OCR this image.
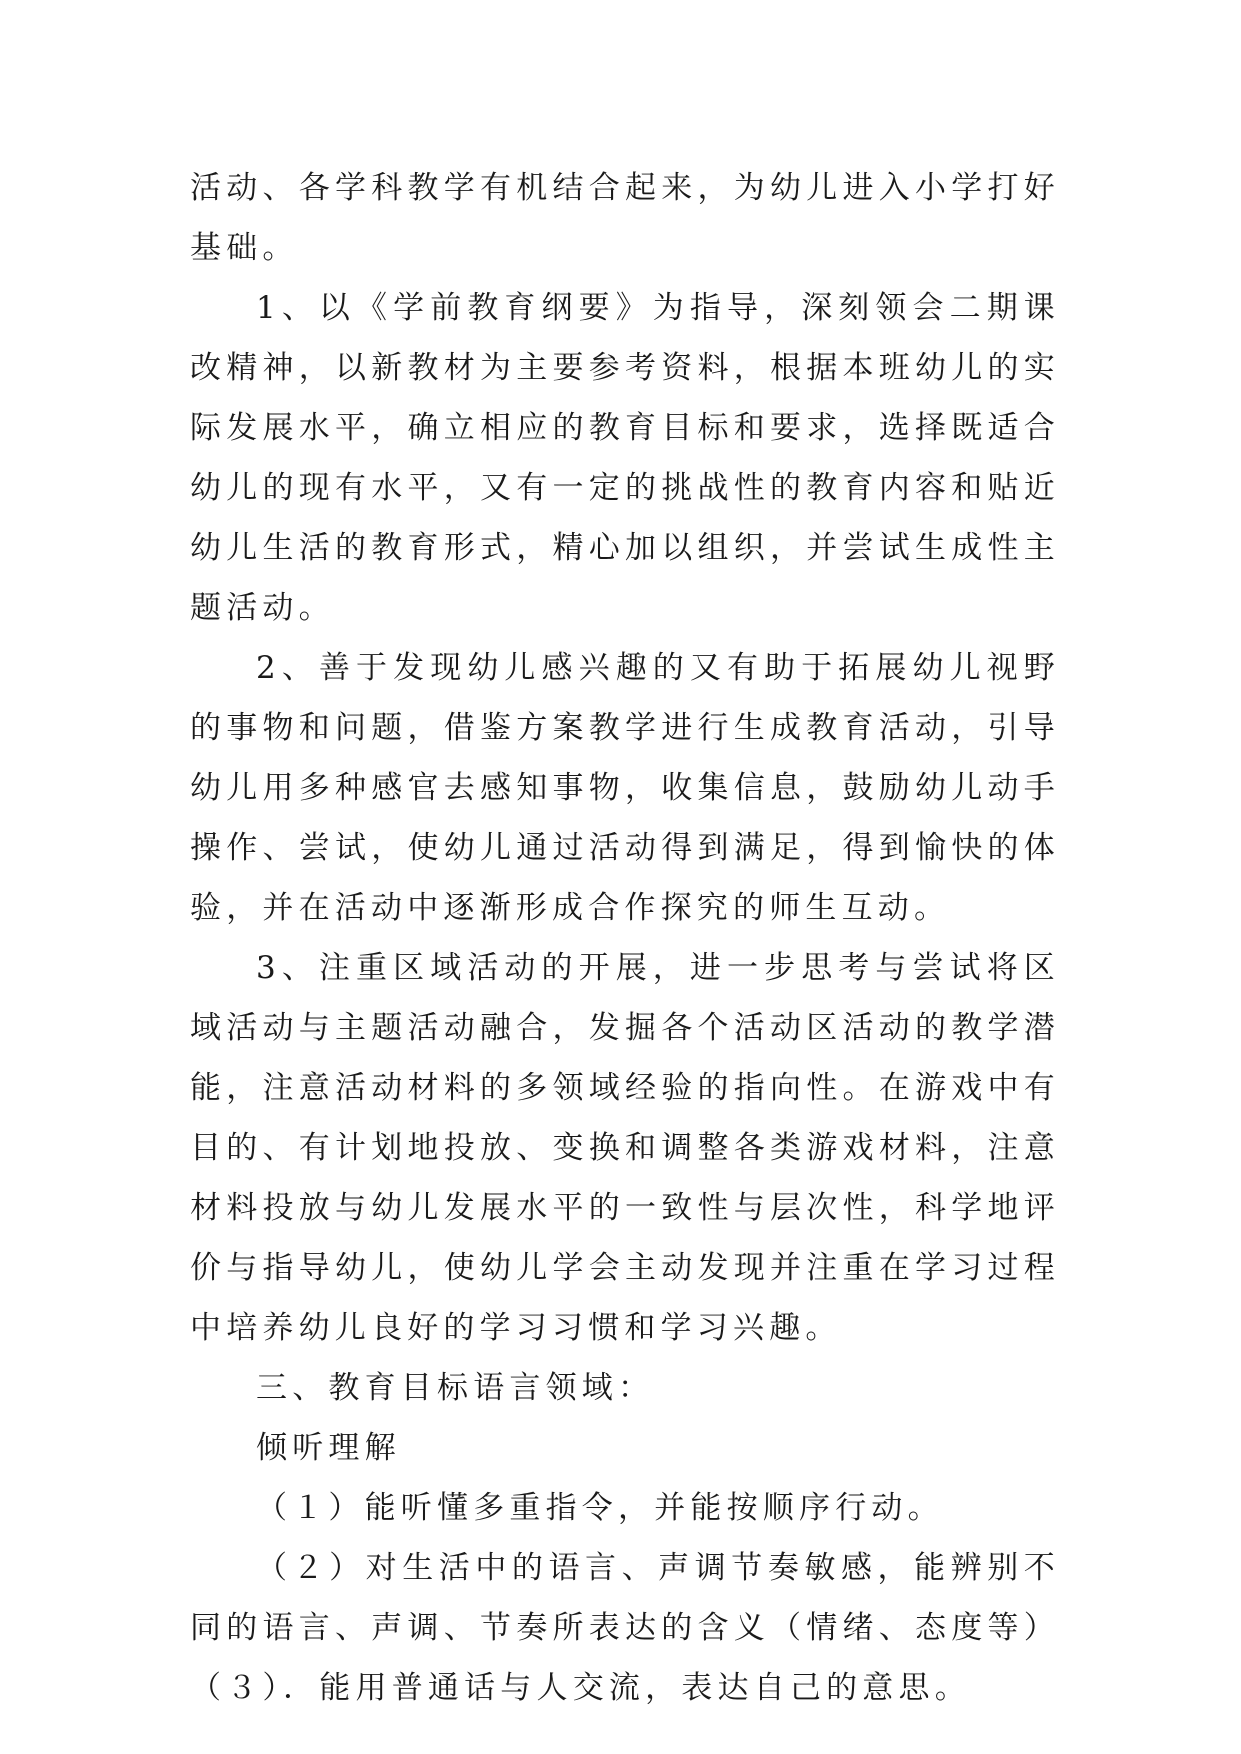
活动、各学科教学有机结合起来，为幼儿进入小学打好基础。

1、以《学前教育纲要》为指导，深刻领会二期课改精神，以新教材为主要参考资料，根据本班幼儿的实际发展水平，确立相应的教育目标和要求，选择既适合幼儿的现有水平，又有一定的挑战性的教育内容和贴近幼儿生活的教育形式，精心加以组织，并尝试生成性主题活动。

2、善于发现幼儿感兴趣的又有助于拓展幼儿视野的事物和问题，借鉴方案教学进行生成教育活动，引导幼儿用多种感官去感知事物，收集信息，鼓励幼儿动手操作、尝试，使幼儿通过活动得到满足，得到愉快的体验，并在活动中逐渐形成合作探究的师生互动。

3、注重区域活动的开展，进一步思考与尝试将区域活动与主题活动融合，发掘各个活动区活动的教学潜能，注意活动材料的多领域经验的指向性。在游戏中有目的、有计划地投放、变换和调整各类游戏材料，注意材料投放与幼儿发展水平的一致性与层次性，科学地评价与指导幼儿，使幼儿学会主动发现并注重在学习过程中培养幼儿良好的学习习惯和学习兴趣。

三、教育目标语言领域：

倾听理解

（１）能听懂多重指令，并能按顺序行动。

（２）对生活中的语言、声调节奏敏感，能辨别不同的语言、声调、节奏所表达的含义（情绪、态度等）（３）．能用普通话与人交流，表达自己的意思。
